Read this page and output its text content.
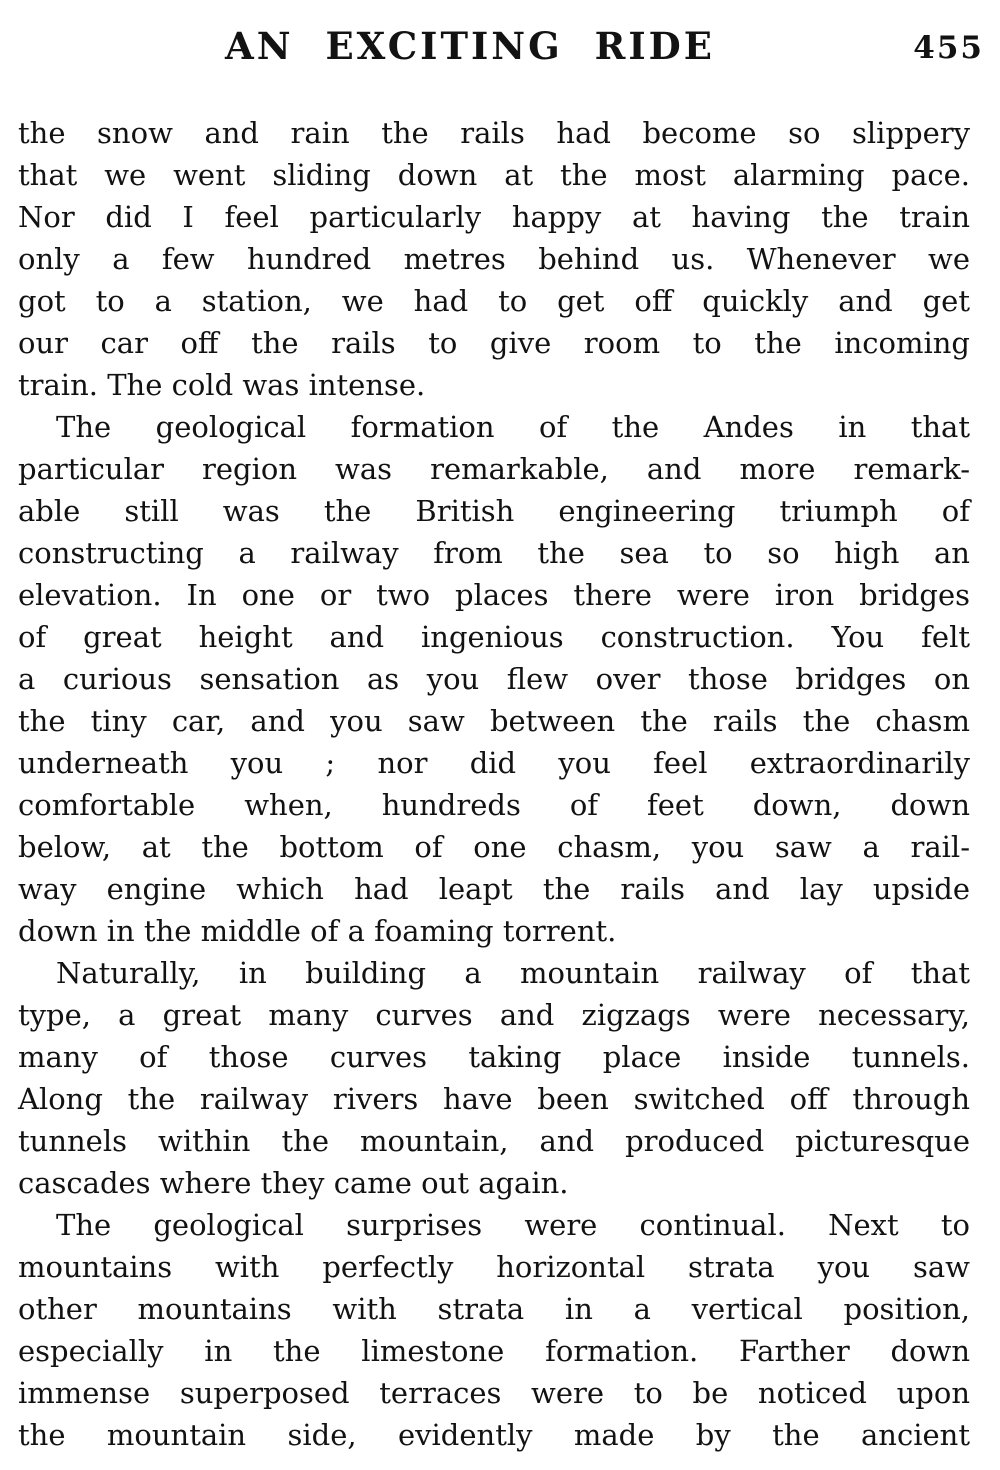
AN EXCITING RIDE	455
the snow and rain the rails had become so slippery
that we went sliding down at the most alarming pace.
Nor did I feel particularly happy at having the train
only a few hundred metres behind us. Whenever we
got to a station, we had to get off quickly and get
our car off the rails to give room to the incoming
train. The cold was intense.
The geological formation of the Andes in that
particular region was remarkable, and more remark-
able still was the British engineering triumph of
constructing a railway from the sea to so high an
elevation. In one or two places there were iron bridges
of great height and ingenious construction. You felt
a curious sensation as you flew over those bridges on
the tiny car, and you saw between the rails the chasm
underneath you ; nor did you feel extraordinarily
comfortable when, hundreds of feet down, down
below, at the bottom of one chasm, you saw a rail-
way engine which had leapt the rails and lay upside
down in the middle of a foaming torrent.
Naturally, in building a mountain railway of that
type, a great many curves and zigzags were necessary,
many of those curves taking place inside tunnels.
Along the railway rivers have been switched off through
tunnels within the mountain, and produced picturesque
cascades where they came out again.
The geological surprises were continual. Next to
mountains with perfectly horizontal strata you saw
other mountains with strata in a vertical position,
especially in the limestone formation. Farther down
immense superposed terraces were to be noticed upon
the mountain side, evidently made by the ancient
